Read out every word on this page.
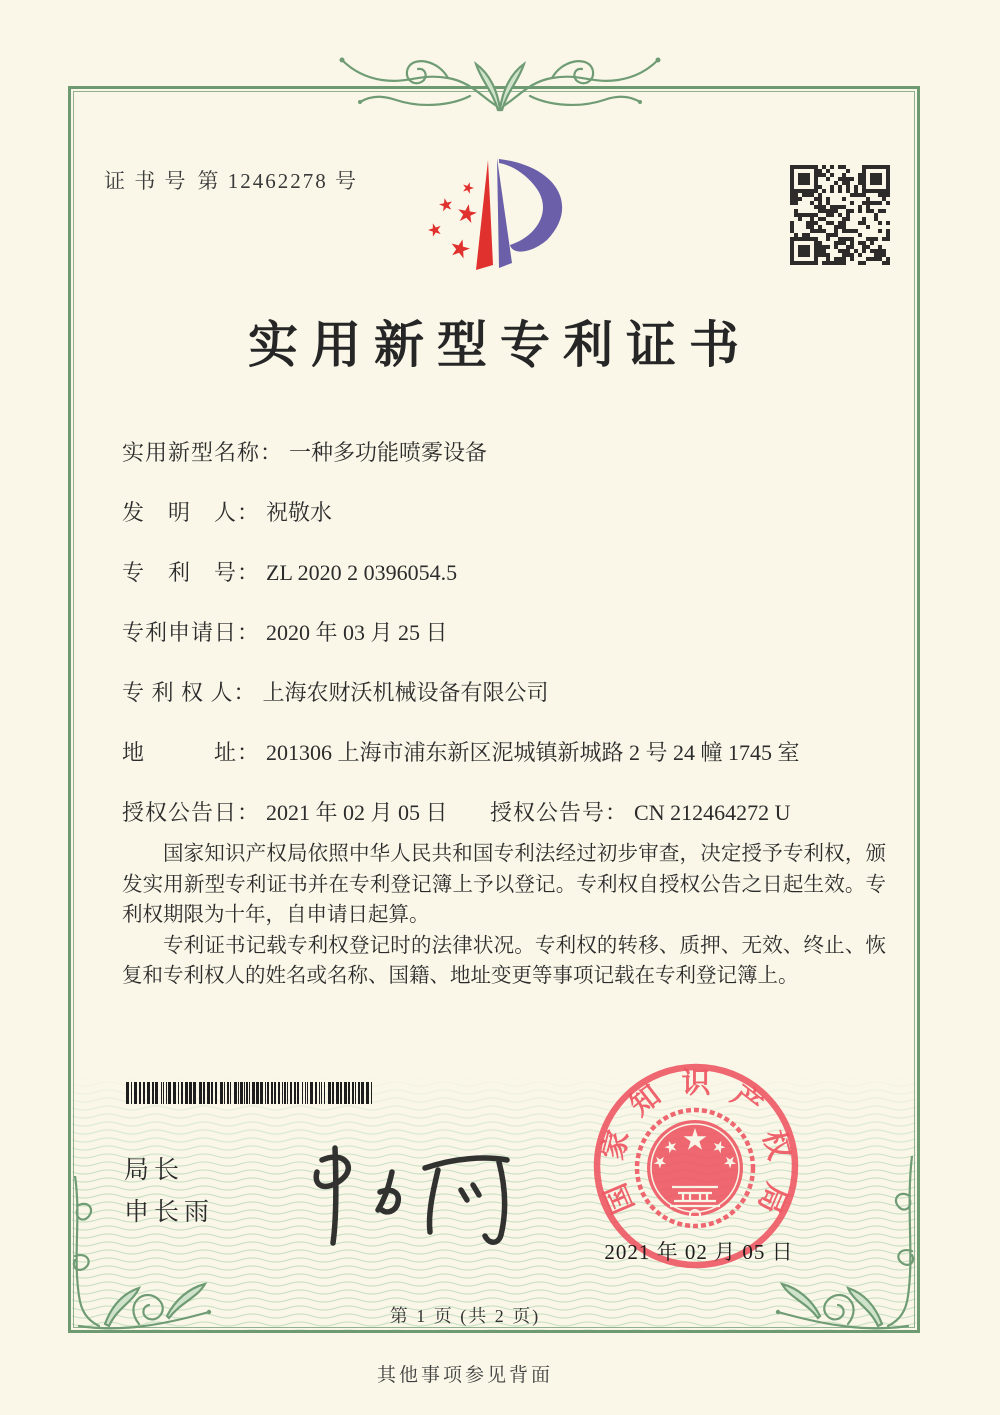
证 书 号 第 12462278 号
实用新型专利证书
实用新型名称： 一种多功能喷雾设备
发　明　人： 祝敬水
专　利　号： ZL 2020 2 0396054.5
专利申请日： 2020 年 03 月 25 日
专 利 权 人： 上海农财沃机械设备有限公司
地　　　址： 201306 上海市浦东新区泥城镇新城路 2 号 24 幢 1745 室
授权公告日： 2021 年 02 月 05 日 授权公告号： CN 212464272 U

国家知识产权局依照中华人民共和国专利法经过初步审查，决定授予专利权，颁发实用新型专利证书并在专利登记簿上予以登记。专利权自授权公告之日起生效。专利权期限为十年，自申请日起算。

专利证书记载专利权登记时的法律状况。专利权的转移、质押、无效、终止、恢复和专利权人的姓名或名称、国籍、地址变更等事项记载在专利登记簿上。

局长
申长雨	国
家
知 识 产
权
局
2021 年 02 月 05 日
第 1 页 (共 2 页)
其他事项参见背面
